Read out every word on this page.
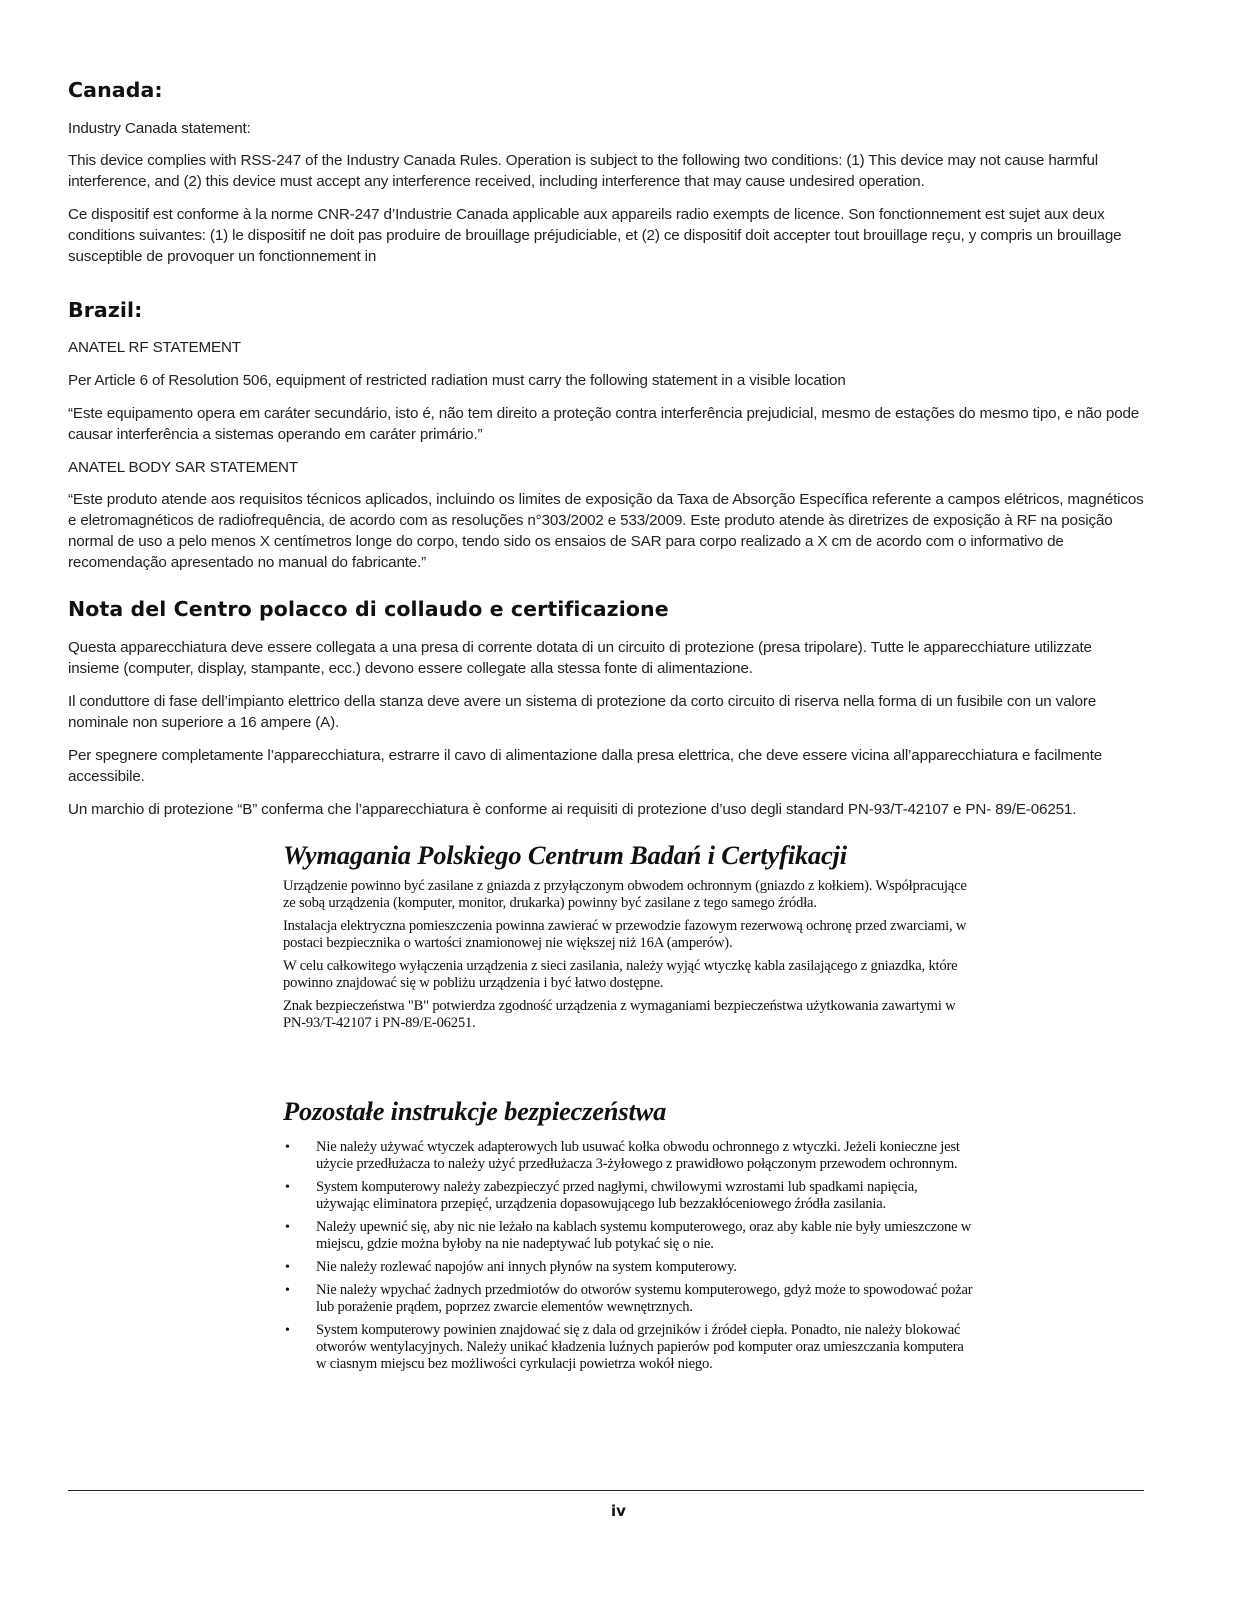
Canada:

Industry Canada statement:

This device complies with RSS-247 of the Industry Canada Rules. Operation is subject to the following two conditions: (1) This device may not cause harmful interference, and (2) this device must accept any interference received, including interference that may cause undesired operation.

Ce dispositif est conforme à la norme CNR-247 d’Industrie Canada applicable aux appareils radio exempts de licence. Son fonctionnement est sujet aux deux conditions suivantes: (1) le dispositif ne doit pas produire de brouillage préjudiciable, et (2) ce dispositif doit accepter tout brouillage reçu, y compris un brouillage susceptible de provoquer un fonctionnement in

Brazil:

ANATEL RF STATEMENT

Per Article 6 of Resolution 506, equipment of restricted radiation must carry the following statement in a visible location

“Este equipamento opera em caráter secundário, isto é, não tem direito a proteção contra interferência prejudicial, mesmo de estações do mesmo tipo, e não pode causar interferência a sistemas operando em caráter primário.”

ANATEL BODY SAR STATEMENT

“Este produto atende aos requisitos técnicos aplicados, incluindo os limites de exposição da Taxa de Absorção Específica referente a campos elétricos, magnéticos e eletromagnéticos de radiofrequência, de acordo com as resoluções n°303/2002 e 533/2009. Este produto atende às diretrizes de exposição à RF na posição normal de uso a pelo menos X centímetros longe do corpo, tendo sido os ensaios de SAR para corpo realizado a X cm de acordo com o informativo de recomendação apresentado no manual do fabricante.”

Nota del Centro polacco di collaudo e certificazione

Questa apparecchiatura deve essere collegata a una presa di corrente dotata di un circuito di protezione (presa tripolare). Tutte le apparecchiature utilizzate insieme (computer, display, stampante, ecc.) devono essere collegate alla stessa fonte di alimentazione.

Il conduttore di fase dell’impianto elettrico della stanza deve avere un sistema di protezione da corto circuito di riserva nella forma di un fusibile con un valore nominale non superiore a 16 ampere (A).

Per spegnere completamente l’apparecchiatura, estrarre il cavo di alimentazione dalla presa elettrica, che deve essere vicina all’apparecchiatura e facilmente accessibile.

Un marchio di protezione “B” conferma che l’apparecchiatura è conforme ai requisiti di protezione d’uso degli standard PN-93/T-42107 e PN- 89/E-06251.

Wymagania Polskiego Centrum Badań i Certyfikacji

Urządzenie powinno być zasilane z gniazda z przyłączonym obwodem ochronnym (gniazdo z kołkiem). Współpracujące ze sobą urządzenia (komputer, monitor, drukarka) powinny być zasilane z tego samego źródła.

Instalacja elektryczna pomieszczenia powinna zawierać w przewodzie fazowym rezerwową ochronę przed zwarciami, w postaci bezpiecznika o wartości znamionowej nie większej niż 16A (amperów).

W celu całkowitego wyłączenia urządzenia z sieci zasilania, należy wyjąć wtyczkę kabla zasilającego z gniazdka, które powinno znajdować się w pobliżu urządzenia i być łatwo dostępne.

Znak bezpieczeństwa "B" potwierdza zgodność urządzenia z wymaganiami bezpieczeństwa użytkowania zawartymi w PN-93/T-42107 i PN-89/E-06251.

Pozostałe instrukcje bezpieczeństwa
• Nie należy używać wtyczek adapterowych lub usuwać kołka obwodu ochronnego z wtyczki. Jeżeli konieczne jest użycie przedłużacza to należy użyć przedłużacza 3-żyłowego z prawidłowo połączonym przewodem ochronnym.
• System komputerowy należy zabezpieczyć przed nagłymi, chwilowymi wzrostami lub spadkami napięcia, używając eliminatora przepięć, urządzenia dopasowującego lub bezzakłóceniowego źródła zasilania.
• Należy upewnić się, aby nic nie leżało na kablach systemu komputerowego, oraz aby kable nie były umieszczone w miejscu, gdzie można byłoby na nie nadeptywać lub potykać się o nie.
• Nie należy rozlewać napojów ani innych płynów na system komputerowy.
• Nie należy wpychać żadnych przedmiotów do otworów systemu komputerowego, gdyż może to spowodować pożar lub porażenie prądem, poprzez zwarcie elementów wewnętrznych.
• System komputerowy powinien znajdować się z dala od grzejników i źródeł ciepła. Ponadto, nie należy blokować otworów wentylacyjnych. Należy unikać kładzenia luźnych papierów pod komputer oraz umieszczania komputera w ciasnym miejscu bez możliwości cyrkulacji powietrza wokół niego.
iv
